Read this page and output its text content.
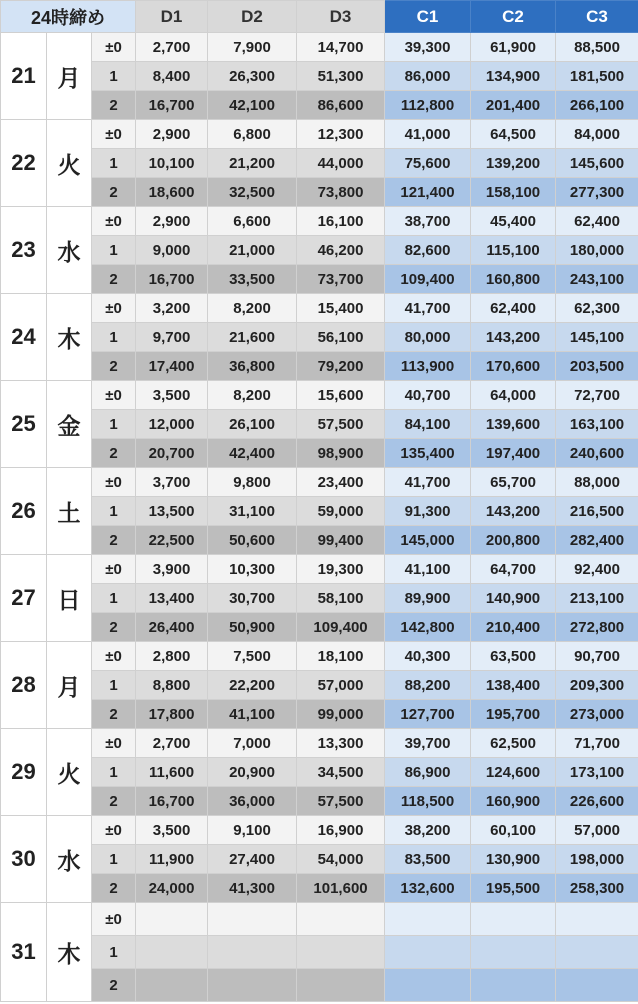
24時締め			D1	D2	D3	C1	C2	C3
21	月	±0	2,700	7,900	14,700	39,300	61,900	88,500
		1	8,400	26,300	51,300	86,000	134,900	181,500
		2	16,700	42,100	86,600	112,800	201,400	266,100
22	火	±0	2,900	6,800	12,300	41,000	64,500	84,000
		1	10,100	21,200	44,000	75,600	139,200	145,600
		2	18,600	32,500	73,800	121,400	158,100	277,300
23	水	±0	2,900	6,600	16,100	38,700	45,400	62,400
		1	9,000	21,000	46,200	82,600	115,100	180,000
		2	16,700	33,500	73,700	109,400	160,800	243,100
24	木	±0	3,200	8,200	15,400	41,700	62,400	62,300
		1	9,700	21,600	56,100	80,000	143,200	145,100
		2	17,400	36,800	79,200	113,900	170,600	203,500
25	金	±0	3,500	8,200	15,600	40,700	64,000	72,700
		1	12,000	26,100	57,500	84,100	139,600	163,100
		2	20,700	42,400	98,900	135,400	197,400	240,600
26	土	±0	3,700	9,800	23,400	41,700	65,700	88,000
		1	13,500	31,100	59,000	91,300	143,200	216,500
		2	22,500	50,600	99,400	145,000	200,800	282,400
27	日	±0	3,900	10,300	19,300	41,100	64,700	92,400
		1	13,400	30,700	58,100	89,900	140,900	213,100
		2	26,400	50,900	109,400	142,800	210,400	272,800
28	月	±0	2,800	7,500	18,100	40,300	63,500	90,700
		1	8,800	22,200	57,000	88,200	138,400	209,300
		2	17,800	41,100	99,000	127,700	195,700	273,000
29	火	±0	2,700	7,000	13,300	39,700	62,500	71,700
		1	11,600	20,900	34,500	86,900	124,600	173,100
		2	16,700	36,000	57,500	118,500	160,900	226,600
30	水	±0	3,500	9,100	16,900	38,200	60,100	57,000
		1	11,900	27,400	54,000	83,500	130,900	198,000
		2	24,000	41,300	101,600	132,600	195,500	258,300
31	木	±0						
		1						
		2						
